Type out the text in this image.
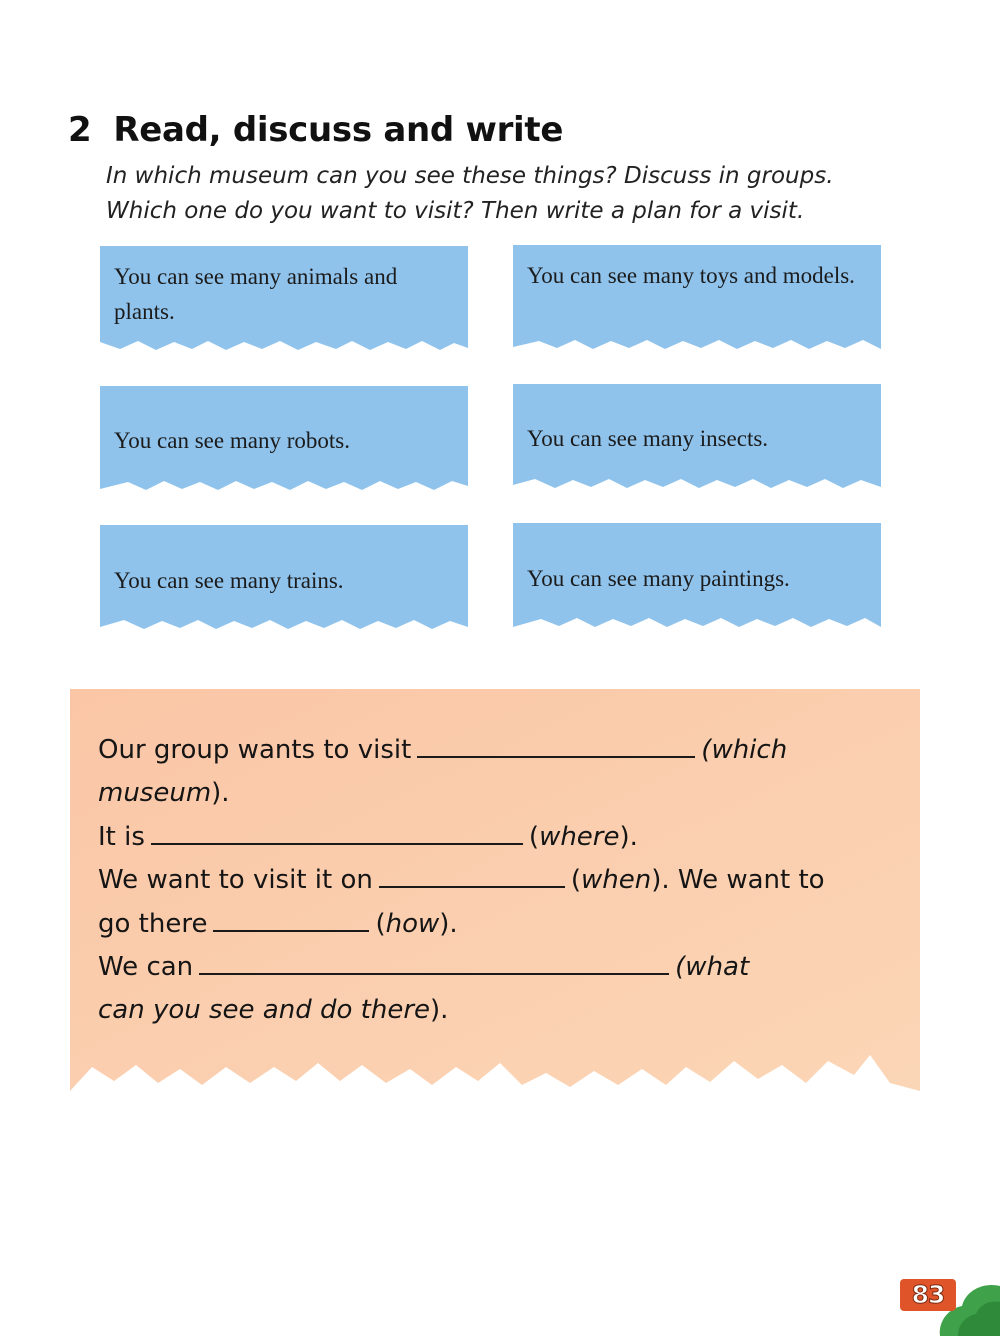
2 Read, discuss and write
In which museum can you see these things? Discuss in groups.
Which one do you want to visit? Then write a plan for a visit.
You can see many animals and plants.
You can see many toys and models.
You can see many robots.	You can see many insects.
You can see many trains.	You can see many paintings.
Our group wants to visit	(which
museum).
It is	(where).
We want to visit it on	(when). We want to
go there	(how).
We can	(what
can you see and do there).
83
